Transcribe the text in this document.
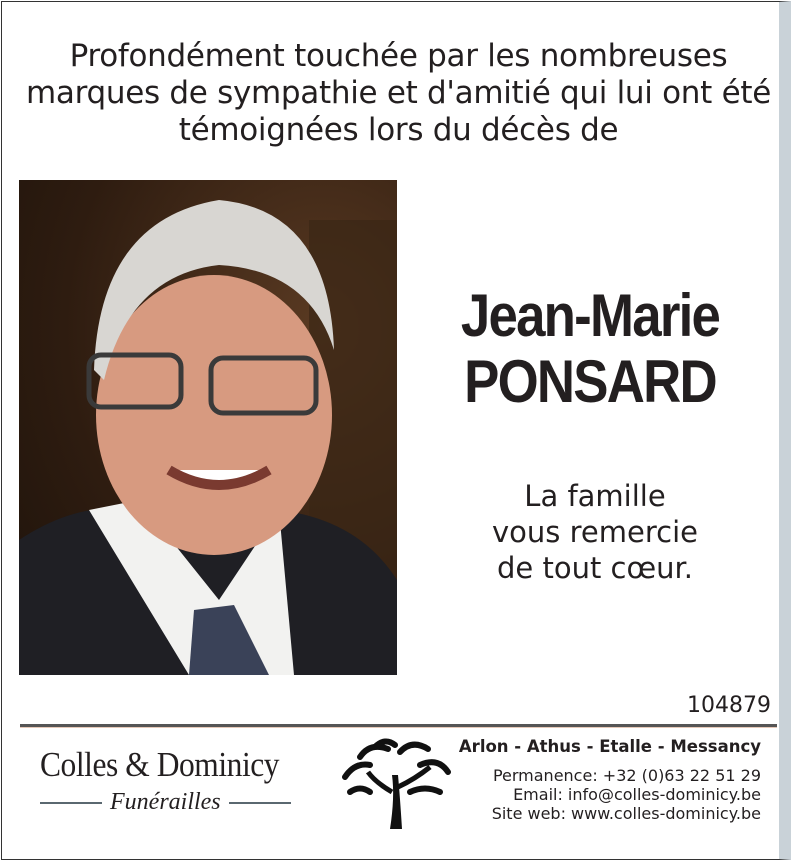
Profondément touchée par les nombreuses
marques de sympathie et d'amitié qui lui ont été
témoignées lors du décès de
Jean-Marie
PONSARD
La famille
vous remercie
de tout cœur.
104879
Colles & Dominicy
Funérailles
Arlon - Athus - Etalle - Messancy
Permanence: +32 (0)63 22 51 29
Email: info@colles-dominicy.be
Site web: www.colles-dominicy.be
